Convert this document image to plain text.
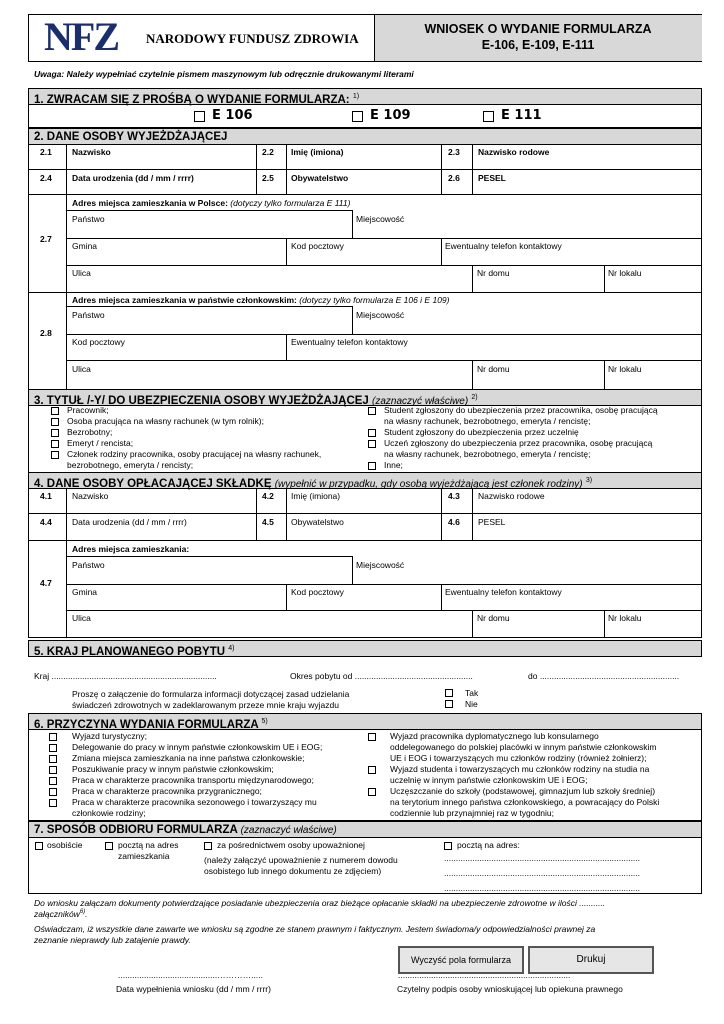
NFZ	NARODOWY FUNDUSZ ZDROWIA
WNIOSEK O WYDANIE FORMULARZA
E-106, E-109, E-111
Uwaga: Należy wypełniać czytelnie pismem maszynowym lub odręcznie drukowanymi literami
1. ZWRACAM SIĘ Z PROŚBĄ O WYDANIE FORMULARZA: $^{1)}$
E 106	E 109	E 111
2. DANE OSOBY WYJEŻDŻAJĄCEJ
2.1 Nazwisko	2.2 Imię (imiona)	2.3 Nazwisko rodowe
2.4 Data urodzenia (dd / mm / rrrr)	2.5 Obywatelstwo	2.6 PESEL
2.7
Adres miejsca zamieszkania w Polsce: (dotyczy tylko formularza E 111)
Państwo	Miejscowość
Gmina	Kod pocztowy	Ewentualny telefon kontaktowy
Ulica	Nr domu	Nr lokalu
2.8
Adres miejsca zamieszkania w państwie członkowskim: (dotyczy tylko formularza E 106 i E 109)
Państwo	Miejscowość
Kod pocztowy	Ewentualny telefon kontaktowy
Ulica	Nr domu	Nr lokalu
3. TYTUŁ /-Y/ DO UBEZPIECZENIA OSOBY WYJEŻDŻAJĄCEJ (zaznaczyć właściwe) $^{2)}$
Pracownik;
Osoba pracująca na własny rachunek (w tym rolnik);
Bezrobotny;
Emeryt / rencista;
Członek rodziny pracownika, osoby pracującej na własny rachunek,
bezrobotnego, emeryta / rencisty;
Student zgłoszony do ubezpieczenia przez pracownika, osobę pracującą
na własny rachunek, bezrobotnego, emeryta / rencistę;
Student zgłoszony do ubezpieczenia przez uczelnię
Uczeń zgłoszony do ubezpieczenia przez pracownika, osobę pracującą
na własny rachunek, bezrobotnego, emeryta / rencistę;
Inne;
4. DANE OSOBY OPŁACAJĄCEJ SKŁADKĘ (wypełnić w przypadku, gdy osobą wyjeżdżającą jest członek rodziny) $^{3)}$
4.1 Nazwisko	4.2 Imię (imiona)	4.3 Nazwisko rodowe
4.4 Data urodzenia (dd / mm / rrrr)	4.5 Obywatelstwo	4.6 PESEL
4.7
Adres miejsca zamieszkania:
Państwo	Miejscowość
Gmina	Kod pocztowy	Ewentualny telefon kontaktowy
Ulica	Nr domu	Nr lokalu
5. KRAJ PLANOWANEGO POBYTU $^{4)}$
Kraj ......................................................................	Okres pobytu od ..................................................	do ...........................................................
Proszę o załączenie do formularza informacji dotyczącej zasad udzielania
świadczeń zdrowotnych w zadeklarowanym przeze mnie kraju wyjazdu
Tak
Nie
6. PRZYCZYNA WYDANIA FORMULARZA $^{5)}$
Wyjazd turystyczny;
Delegowanie do pracy w innym państwie członkowskim UE i EOG;
Zmiana miejsca zamieszkania na inne państwa członkowskie;
Poszukiwanie pracy w innym państwie członkowskim;
Praca w charakterze pracownika transportu międzynarodowego;
Praca w charakterze pracownika przygranicznego;
Praca w charakterze pracownika sezonowego i towarzyszący mu
członkowie rodziny;
Wyjazd pracownika dyplomatycznego lub konsularnego
oddelegowanego do polskiej placówki w innym państwie członkowskim
UE i EOG i towarzyszących mu członków rodziny (również żołnierz);
Wyjazd studenta i towarzyszących mu członków rodziny na studia na
uczelnię w innym państwie członkowskim UE i EOG;
Uczęszczanie do szkoły (podstawowej, gimnazjum lub szkoły średniej)
na terytorium innego państwa członkowskiego, a powracający do Polski
codziennie lub przynajmniej raz w tygodniu;
7. SPOSÓB ODBIORU FORMULARZA (zaznaczyć właściwe)
osobiście	pocztą na adres
zamieszkania
za pośrednictwem osoby upoważnionej
(należy załączyć upoważnienie z numerem dowodu
osobistego lub innego dokumentu ze zdjęciem)
pocztą na adres:
...................................................................................
...................................................................................
...................................................................................
Do wniosku załączam dokumenty potwierdzające posiadanie ubezpieczenia oraz bieżące opłacanie składki na ubezpieczenie zdrowotne w ilości ...........
załączników$^{6)}$.
Oświadczam, iż wszystkie dane zawarte we wniosku są zgodne ze stanem prawnym i faktycznym. Jestem świadoma/y odpowiedzialności prawnej za
zeznanie nieprawdy lub zatajenie prawdy.
Wyczyść pola formularza	Drukuj
..........................................………….....
Data wypełnienia wniosku (dd / mm / rrrr)
.........................................................................
Czytelny podpis osoby wnioskującej lub opiekuna prawnego
